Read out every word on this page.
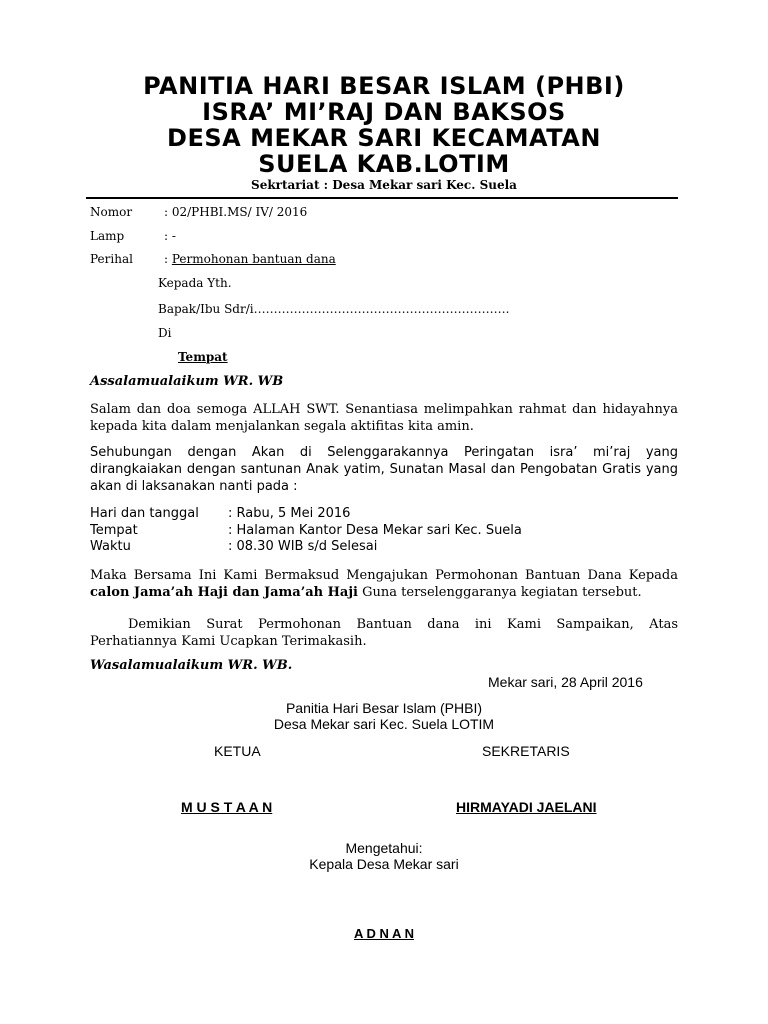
PANITIA HARI BESAR ISLAM (PHBI)
ISRA’ MI’RAJ DAN BAKSOS
DESA MEKAR SARI KECAMATAN
SUELA KAB.LOTIM
Sekrtariat : Desa Mekar sari Kec. Suela
Nomor	: 02/PHBI.MS/ IV/ 2016
Lamp	: -
Perihal	: Permohonan bantuan dana
Kepada Yth.
Bapak/Ibu Sdr/i……………………………………………………….
Di
Tempat
Assalamualaikum WR. WB
Salam dan doa semoga ALLAH SWT. Senantiasa melimpahkan rahmat dan hidayahnya kepada kita dalam menjalankan segala aktifitas kita amin.
Sehubungan dengan Akan di Selenggarakannya Peringatan isra’ mi’raj yang dirangkaiakan dengan santunan Anak yatim, Sunatan Masal dan Pengobatan Gratis yang akan di laksanakan nanti pada :
Hari dan tanggal : Rabu, 5 Mei 2016
Tempat	: Halaman Kantor Desa Mekar sari Kec. Suela
Waktu	: 08.30 WIB s/d Selesai
Maka Bersama Ini Kami Bermaksud Mengajukan Permohonan Bantuan Dana Kepada calon Jama’ah Haji dan Jama’ah Haji Guna terselenggaranya kegiatan tersebut.
Demikian Surat Permohonan Bantuan dana ini Kami Sampaikan, Atas Perhatiannya Kami Ucapkan Terimakasih.
Wasalamualaikum WR. WB.
Mekar sari, 28 April 2016
Panitia Hari Besar Islam (PHBI)
Desa Mekar sari Kec. Suela LOTIM
KETUA	SEKRETARIS
M U S T A A N	HIRMAYADI JAELANI
Mengetahui:
Kepala Desa Mekar sari
A D N A N
